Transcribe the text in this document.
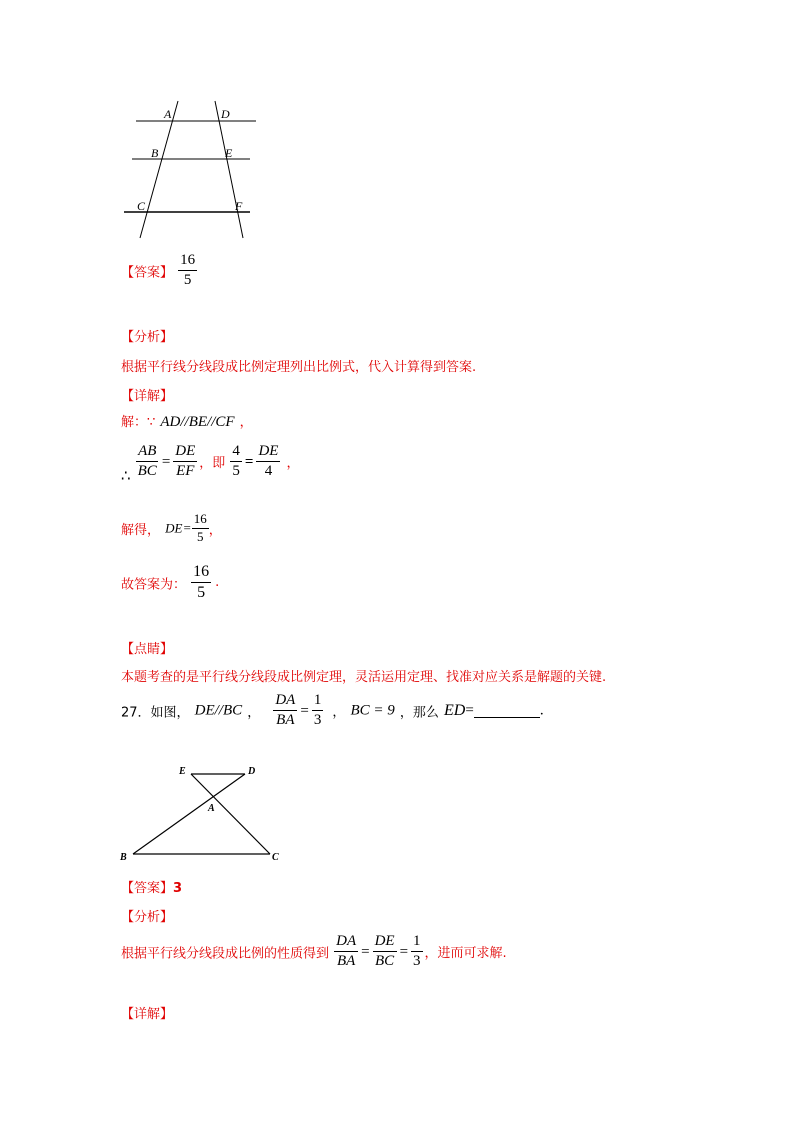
A	D
B	E
C	F
【答案】 $\frac{16}{5}$
【分析】
根据平行线分线段成比例定理列出比例式，代入计算得到答案.
【详解】
解：∵ AD//BE//CF ，
∴ $\frac{AB}{BC} = \frac{DE}{EF}$ ，即 $\frac{4}{5} = \frac{DE}{4}$ ，
解得， $DE= \frac{16}{5}$ ，
故答案为： $\frac{16}{5}$ .
【点睛】
本题考查的是平行线分线段成比例定理，灵活运用定理、找准对应关系是解题的关键.
27．如图， DE//BC ， $\frac{DA}{BA} = \frac{1}{3}$ ， BC = 9 ，那么 ED=	.
E	D
A
B	C
【答案】3
【分析】
根据平行线分线段成比例的性质得到 $\frac{DA}{BA} = \frac{DE}{BC} = \frac{1}{3}$ ，进而可求解.
【详解】
